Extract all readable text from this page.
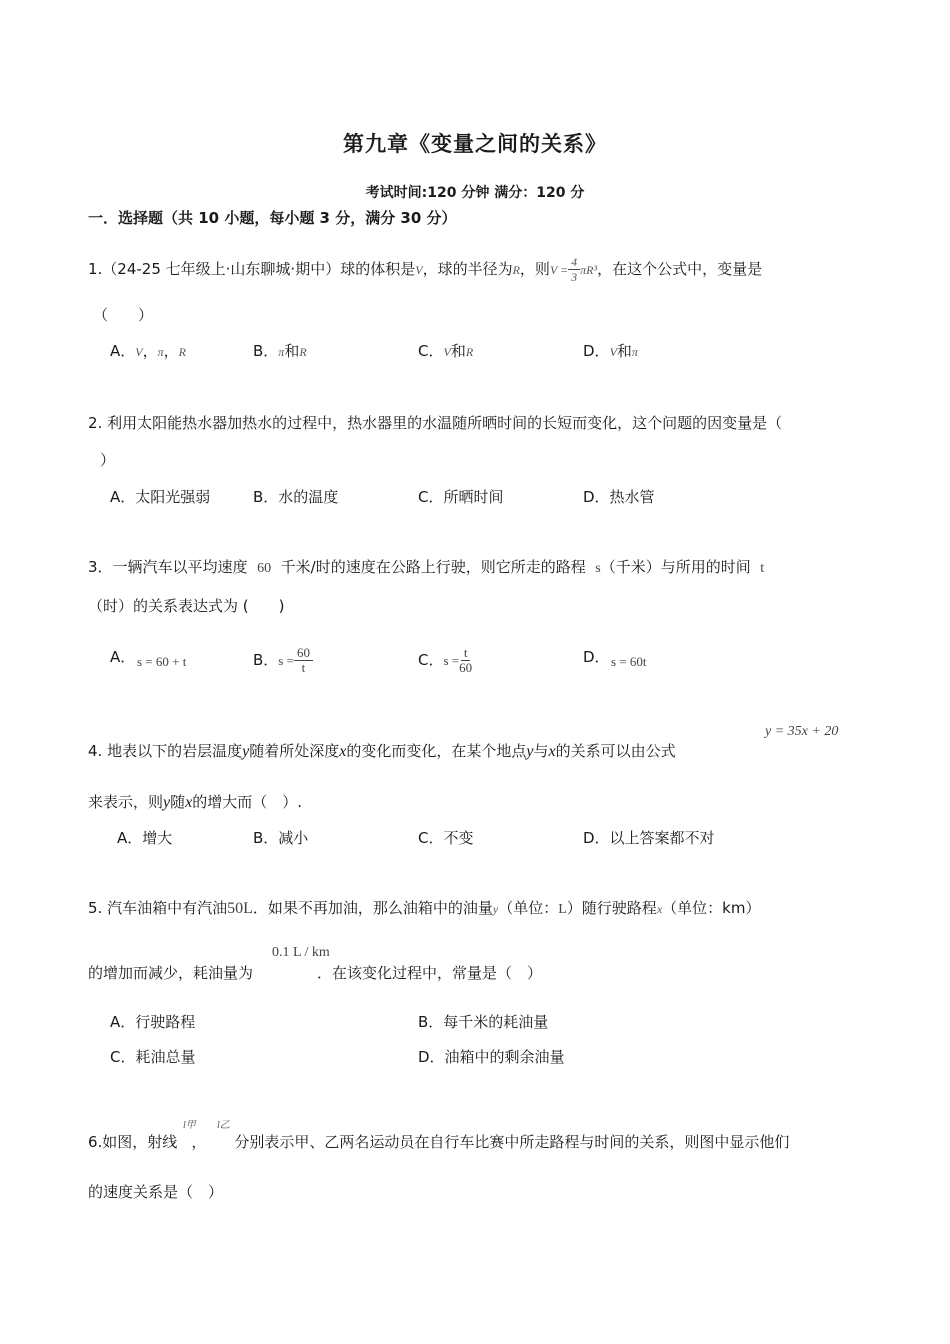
第九章《变量之间的关系》
考试时间:120 分钟 满分：120 分
一．选择题（共 10 小题，每小题 3 分，满分 30 分）
1.（24-25 七年级上·山东聊城·期中）球的体积是V，球的半径为R，则$V = \frac{4}{3} \pi R^3$，在这个公式中，变量是
（　　）
A．V，π，R	B．π和R	C．V和R	D．V和π
2. 利用太阳能热水器加热水的过程中，热水器里的水温随所晒时间的长短而变化，这个问题的因变量是（
）
A．太阳光强弱	B．水的温度	C．所晒时间	D．热水管
3．一辆汽车以平均速度 60 千米/时的速度在公路上行驶，则它所走的路程 s（千米）与所用的时间 t
（时）的关系表达式为 (　　)
A． s = 60 + t	B．$s = \frac{60}{t}$	C．$s = \frac{t}{60}$	D． s = 60t
y = 35x + 20
4. 地表以下的岩层温度y随着所处深度x的变化而变化，在某个地点y与x的关系可以由公式
来表示，则y随x的增大而（　）.
A．增大	B．减小	C．不变	D．以上答案都不对
5. 汽车油箱中有汽油50L．如果不再加油，那么油箱中的油量y（单位：L）随行驶路程x（单位：km）
0.1 L / km
的增加而减少，耗油量为	．在该变化过程中，常量是（　）
A．行驶路程	B．每千米的耗油量
C．耗油总量	D．油箱中的剩余油量
l甲 l乙
6.如图，射线 ， 分别表示甲、乙两名运动员在自行车比赛中所走路程与时间的关系，则图中显示他们
的速度关系是（　）
